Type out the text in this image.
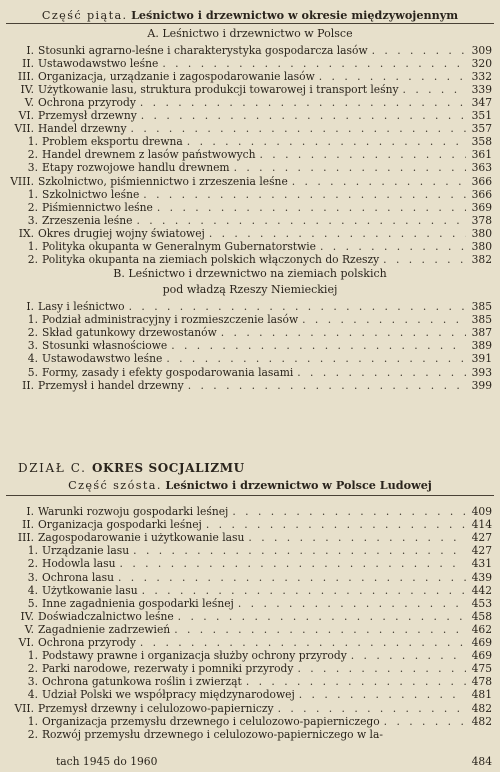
Część piąta. Leśnictwo i drzewnictwo w okresie międzywojennym
A. Leśnictwo i drzewnictwo w Polsce
I. Stosunki agrarno-leśne i charakterystyka gospodarcza lasów . . .	309
II. Ustawodawstwo leśne . . .	320
III. Organizacja, urządzanie i zagospodarowanie lasów . . .	332
IV. Użytkowanie lasu, struktura produkcji towarowej i transport leśny . . .	339
V. Ochrona przyrody . . .	347
VI. Przemysł drzewny . . .	351
VII. Handel drzewny . . .	357
1. Problem eksportu drewna . . .	358
2. Handel drewnem z lasów państwowych . . .	361
3. Etapy rozwojowe handlu drewnem . . .	363
VIII. Szkolnictwo, piśmiennictwo i zrzeszenia leśne . . .	366
1. Szkolnictwo leśne . . .	366
2. Piśmiennictwo leśne . . .	369
3. Zrzeszenia leśne . . .	378
IX. Okres drugiej wojny światowej . . .	380
1. Polityka okupanta w Generalnym Gubernatorstwie . . .	380
2. Polityka okupanta na ziemiach polskich włączonych do Rzeszy . . .	382
B. Leśnictwo i drzewnictwo na ziemiach polskich
pod władzą Rzeszy Niemieckiej
I. Lasy i leśnictwo . . .	385
1. Podział administracyjny i rozmieszczenie lasów . . .	385
2. Skład gatunkowy drzewostanów . . .	387
3. Stosunki własnościowe . . .	389
4. Ustawodawstwo leśne . . .	391
5. Formy, zasady i efekty gospodarowania lasami . . .	393
II. Przemysł i handel drzewny . . .	399
DZIAŁ C. OKRES SOCJALIZMU
Część szósta. Leśnictwo i drzewnictwo w Polsce Ludowej
I. Warunki rozwoju gospodarki leśnej . . .	409
II. Organizacja gospodarki leśnej . . .	414
III. Zagospodarowanie i użytkowanie lasu . . .	427
1. Urządzanie lasu . . .	427
2. Hodowla lasu . . .	431
3. Ochrona lasu . . .	439
4. Użytkowanie lasu . . .	442
5. Inne zagadnienia gospodarki leśnej . . .	453
IV. Doświadczalnictwo leśne . . .	458
V. Zagadnienie zadrzewień . . .	462
VI. Ochrona przyrody . . .	469
1. Podstawy prawne i organizacja służby ochrony przyrody . . .	469
2. Parki narodowe, rezerwaty i pomniki przyrody . . .	475
3. Ochrona gatunkowa roślin i zwierząt . . .	478
4. Udział Polski we współpracy międzynarodowej . . .	481
VII. Przemysł drzewny i celulozowo-papierniczy . . .	482
1. Organizacja przemysłu drzewnego i celulozowo-papierniczego . . .	482
2. Rozwój przemysłu drzewnego i celulozowo-papierniczego w la-
tach 1945 do 1960	484
